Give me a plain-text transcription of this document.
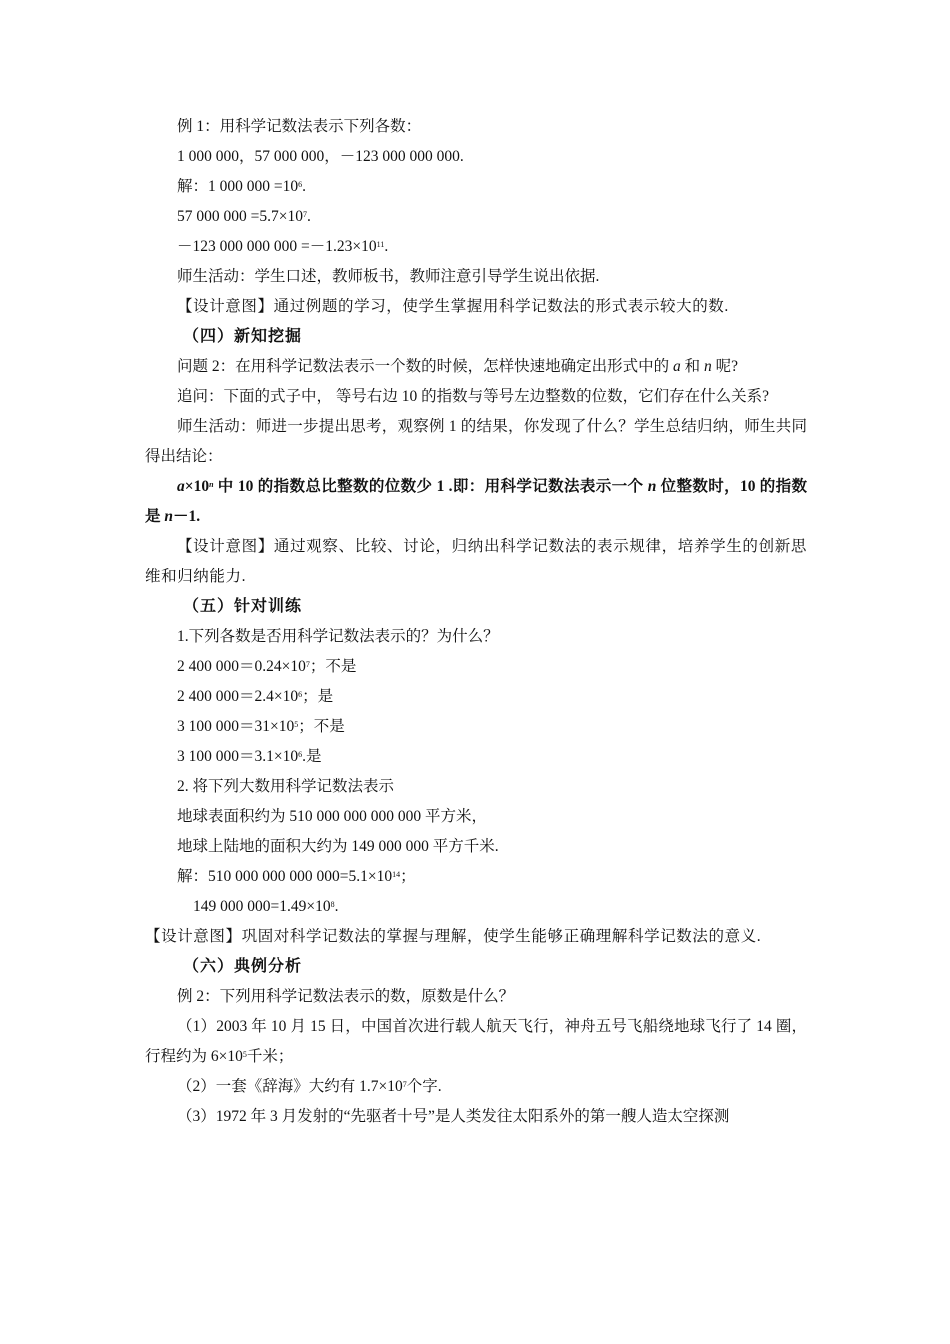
例 1：用科学记数法表示下列各数：
1 000 000，57 000 000，－123 000 000 000.
解：1 000 $000 =10^6$.
57 000 $000 =5.7\times 10^7$.
－123 000 000 $000 =-1.23\times 10^{11}$.
师生活动：学生口述，教师板书，教师注意引导学生说出依据.
【设计意图】通过例题的学习，使学生掌握用科学记数法的形式表示较大的数.
（四）新知挖掘
问题 2：在用科学记数法表示一个数的时候，怎样快速地确定出形式中的 a 和 n 呢?
追问：下面的式子中， 等号右边 10 的指数与等号左边整数的位数，它们存在什么关系?
师生活动：师进一步提出思考，观察例 1 的结果，你发现了什么？学生总结归纳，师生共同得出结论：
$a\times 10^n$ 中 10 的指数总比整数的位数少 1 .即：用科学记数法表示一个 n 位整数时，10 的指数是 n－1.
【设计意图】通过观察、比较、讨论，归纳出科学记数法的表示规律，培养学生的创新思维和归纳能力.
（五）针对训练
1.下列各数是否用科学记数法表示的？为什么？
2 400 $000=0.24\times 10^7$；不是
2 400 $000=2.4\times 10^6$；是
3 100 $000=31\times 10^5$；不是
3 100 $000=3.1\times 10^6$.是
2. 将下列大数用科学记数法表示
地球表面积约为 510 000 000 000 000 平方米，
地球上陆地的面积大约为 149 000 000 平方千米.
解：510 000 000 000 $000=5.1\times 10^{14}$；
149 000 $000=1.49\times 10^8$.
【设计意图】巩固对科学记数法的掌握与理解，使学生能够正确理解科学记数法的意义.
（六）典例分析
例 2：下列用科学记数法表示的数，原数是什么？
（1）2003 年 10 月 15 日，中国首次进行载人航天飞行，神舟五号飞船绕地球飞行了 14 圈，行程约为 $6\times 10^5$千米；
（2）一套《辞海》大约有 $1.7\times 10^7$个字.
（3）1972 年 3 月发射的“先驱者十号”是人类发往太阳系外的第一艘人造太空探测
